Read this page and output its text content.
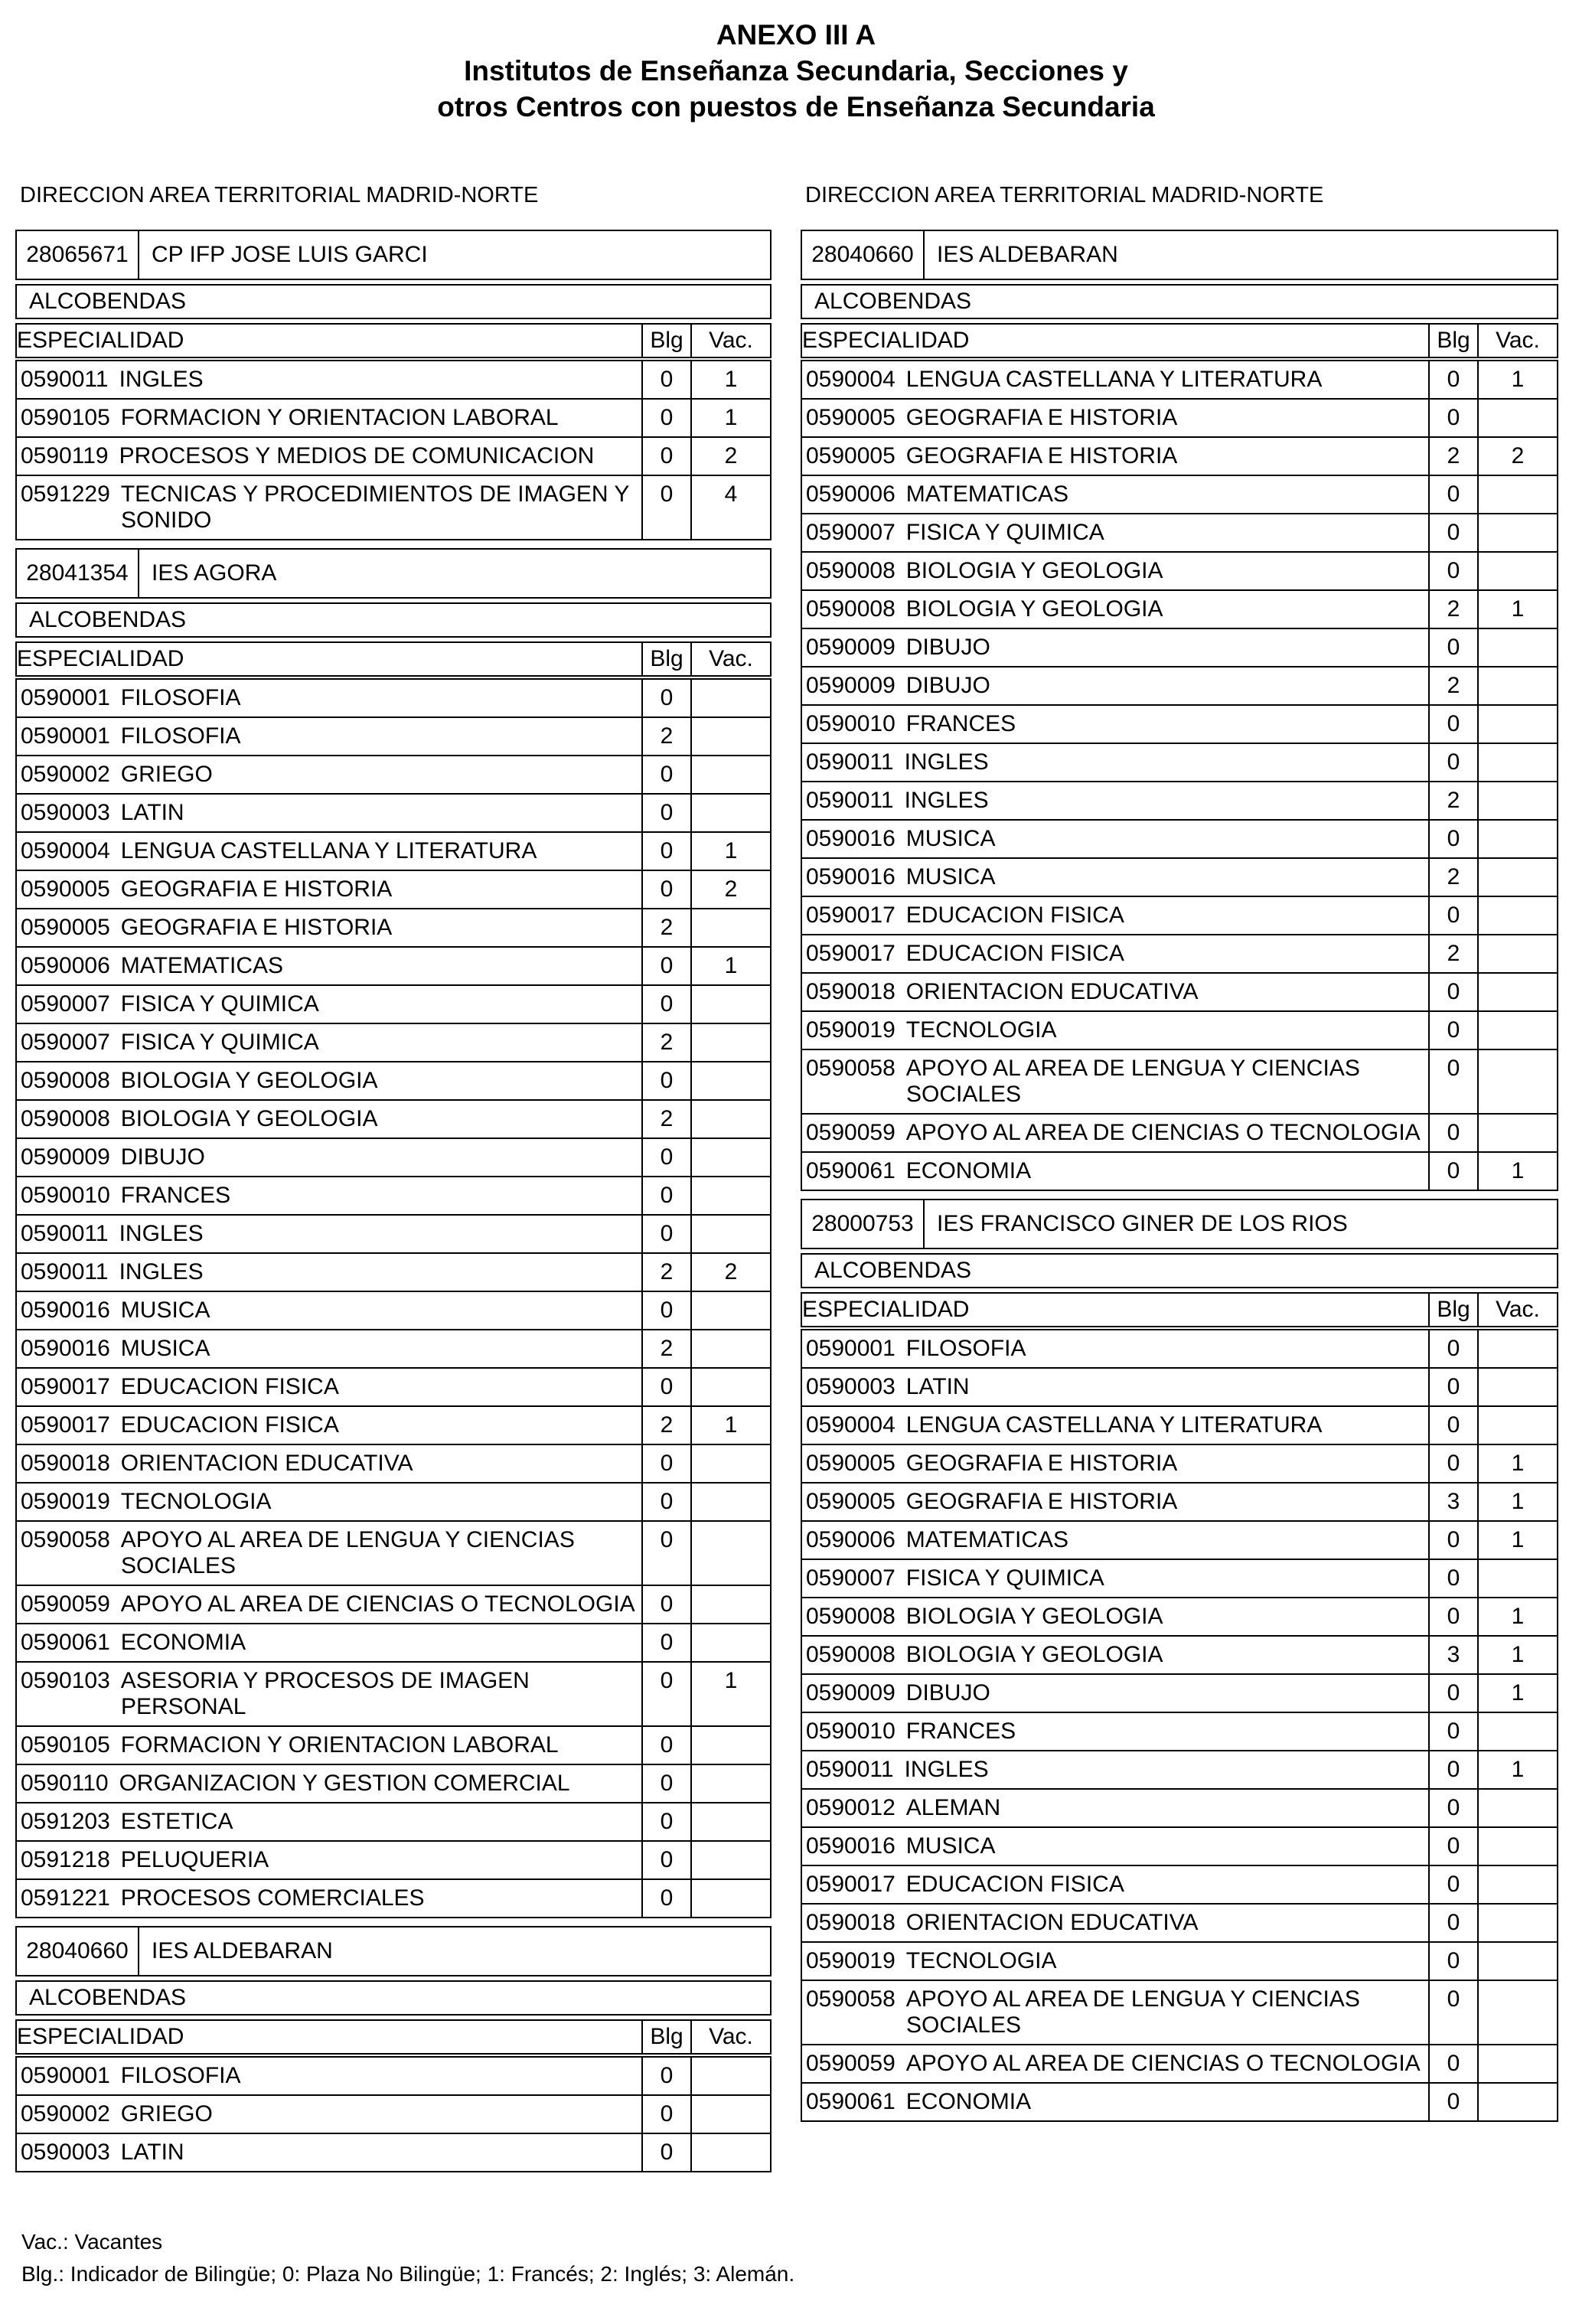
ANEXO III A
Institutos de Enseñanza Secundaria, Secciones y
otros Centros con puestos de Enseñanza Secundaria
DIRECCION AREA TERRITORIAL MADRID-NORTE
28065671	CP IFP JOSE LUIS GARCI
ALCOBENDAS
ESPECIALIDAD	Blg	Vac.
0590011 INGLES	0	1
0590105 FORMACION Y ORIENTACION LABORAL	0	1
0590119 PROCESOS Y MEDIOS DE COMUNICACION	0	2
0591229 TECNICAS Y PROCEDIMIENTOS DE IMAGEN Y SONIDO	0	4
28041354	IES AGORA
ALCOBENDAS
ESPECIALIDAD	Blg	Vac.
0590001 FILOSOFIA	0	
0590001 FILOSOFIA	2	
0590002 GRIEGO	0	
0590003 LATIN	0	
0590004 LENGUA CASTELLANA Y LITERATURA	0	1
0590005 GEOGRAFIA E HISTORIA	0	2
0590005 GEOGRAFIA E HISTORIA	2	
0590006 MATEMATICAS	0	1
0590007 FISICA Y QUIMICA	0	
0590007 FISICA Y QUIMICA	2	
0590008 BIOLOGIA Y GEOLOGIA	0	
0590008 BIOLOGIA Y GEOLOGIA	2	
0590009 DIBUJO	0	
0590010 FRANCES	0	
0590011 INGLES	0	
0590011 INGLES	2	2
0590016 MUSICA	0	
0590016 MUSICA	2	
0590017 EDUCACION FISICA	0	
0590017 EDUCACION FISICA	2	1
0590018 ORIENTACION EDUCATIVA	0	
0590019 TECNOLOGIA	0	
0590058 APOYO AL AREA DE LENGUA Y CIENCIAS SOCIALES	0	
0590059 APOYO AL AREA DE CIENCIAS O TECNOLOGIA	0	
0590061 ECONOMIA	0	
0590103 ASESORIA Y PROCESOS DE IMAGEN PERSONAL	0	1
0590105 FORMACION Y ORIENTACION LABORAL	0	
0590110 ORGANIZACION Y GESTION COMERCIAL	0	
0591203 ESTETICA	0	
0591218 PELUQUERIA	0	
0591221 PROCESOS COMERCIALES	0	
28040660	IES ALDEBARAN
ALCOBENDAS
ESPECIALIDAD	Blg	Vac.
0590001 FILOSOFIA	0	
0590002 GRIEGO	0	
0590003 LATIN	0	
DIRECCION AREA TERRITORIAL MADRID-NORTE
28040660	IES ALDEBARAN
ALCOBENDAS
ESPECIALIDAD	Blg	Vac.
0590004 LENGUA CASTELLANA Y LITERATURA	0	1
0590005 GEOGRAFIA E HISTORIA	0	
0590005 GEOGRAFIA E HISTORIA	2	2
0590006 MATEMATICAS	0	
0590007 FISICA Y QUIMICA	0	
0590008 BIOLOGIA Y GEOLOGIA	0	
0590008 BIOLOGIA Y GEOLOGIA	2	1
0590009 DIBUJO	0	
0590009 DIBUJO	2	
0590010 FRANCES	0	
0590011 INGLES	0	
0590011 INGLES	2	
0590016 MUSICA	0	
0590016 MUSICA	2	
0590017 EDUCACION FISICA	0	
0590017 EDUCACION FISICA	2	
0590018 ORIENTACION EDUCATIVA	0	
0590019 TECNOLOGIA	0	
0590058 APOYO AL AREA DE LENGUA Y CIENCIAS SOCIALES	0	
0590059 APOYO AL AREA DE CIENCIAS O TECNOLOGIA	0	
0590061 ECONOMIA	0	1
28000753	IES FRANCISCO GINER DE LOS RIOS
ALCOBENDAS
ESPECIALIDAD	Blg	Vac.
0590001 FILOSOFIA	0	
0590003 LATIN	0	
0590004 LENGUA CASTELLANA Y LITERATURA	0	
0590005 GEOGRAFIA E HISTORIA	0	1
0590005 GEOGRAFIA E HISTORIA	3	1
0590006 MATEMATICAS	0	1
0590007 FISICA Y QUIMICA	0	
0590008 BIOLOGIA Y GEOLOGIA	0	1
0590008 BIOLOGIA Y GEOLOGIA	3	1
0590009 DIBUJO	0	1
0590010 FRANCES	0	
0590011 INGLES	0	1
0590012 ALEMAN	0	
0590016 MUSICA	0	
0590017 EDUCACION FISICA	0	
0590018 ORIENTACION EDUCATIVA	0	
0590019 TECNOLOGIA	0	
0590058 APOYO AL AREA DE LENGUA Y CIENCIAS SOCIALES	0	
0590059 APOYO AL AREA DE CIENCIAS O TECNOLOGIA	0	
0590061 ECONOMIA	0	
Vac.: Vacantes
Blg.: Indicador de Bilingüe; 0: Plaza No Bilingüe; 1: Francés; 2: Inglés; 3: Alemán.
